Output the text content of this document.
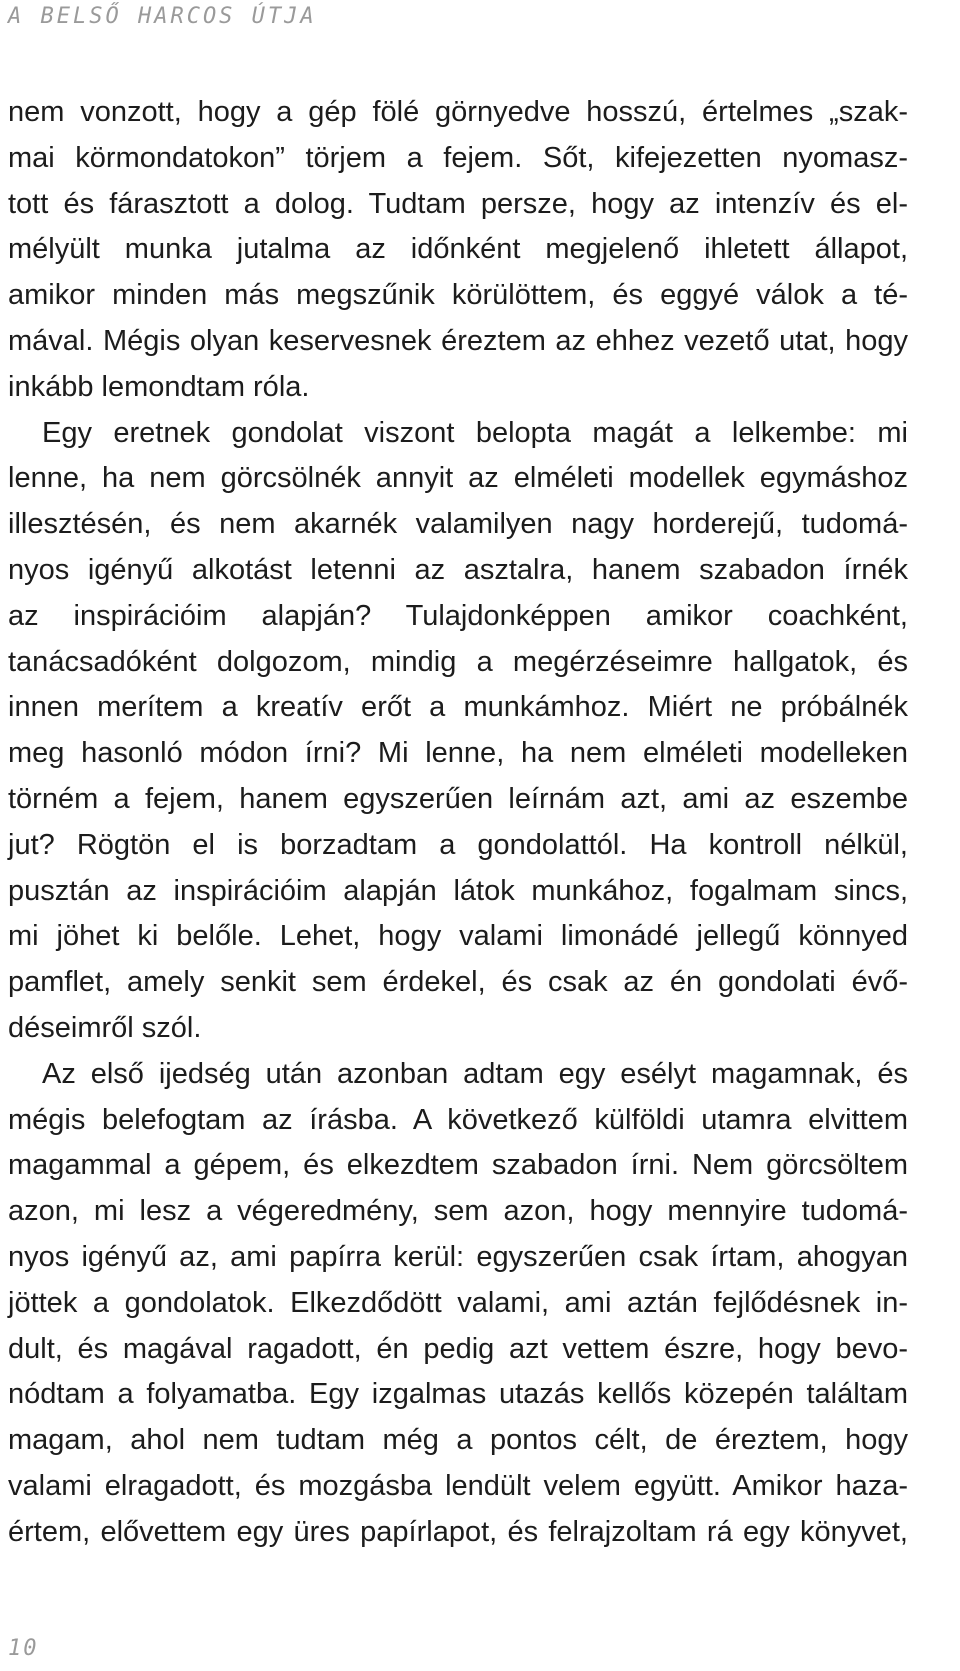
A BELSŐ HARCOS ÚTJA
nem vonzott, hogy a gép fölé görnyedve hosszú, értelmes „szak-
mai körmondatokon” törjem a fejem. Sőt, kifejezetten nyomasz-
tott és fárasztott a dolog. Tudtam persze, hogy az intenzív és el-
mélyült munka jutalma az időnként megjelenő ihletett állapot,
amikor minden más megszűnik körülöttem, és eggyé válok a té-
mával. Mégis olyan keservesnek éreztem az ehhez vezető utat, hogy
inkább lemondtam róla.
Egy eretnek gondolat viszont belopta magát a lelkembe: mi
lenne, ha nem görcsölnék annyit az elméleti modellek egymáshoz
illesztésén, és nem akarnék valamilyen nagy horderejű, tudomá-
nyos igényű alkotást letenni az asztalra, hanem szabadon írnék
az inspirációim alapján? Tulajdonképpen amikor coachként,
tanácsadóként dolgozom, mindig a megérzéseimre hallgatok, és
innen merítem a kreatív erőt a munkámhoz. Miért ne próbálnék
meg hasonló módon írni? Mi lenne, ha nem elméleti modelleken
törném a fejem, hanem egyszerűen leírnám azt, ami az eszembe
jut? Rögtön el is borzadtam a gondolattól. Ha kontroll nélkül,
pusztán az inspirációim alapján látok munkához, fogalmam sincs,
mi jöhet ki belőle. Lehet, hogy valami limonádé jellegű könnyed
pamflet, amely senkit sem érdekel, és csak az én gondolati évő-
déseimről szól.
Az első ijedség után azonban adtam egy esélyt magamnak, és
mégis belefogtam az írásba. A következő külföldi utamra elvittem
magammal a gépem, és elkezdtem szabadon írni. Nem görcsöltem
azon, mi lesz a végeredmény, sem azon, hogy mennyire tudomá-
nyos igényű az, ami papírra kerül: egyszerűen csak írtam, ahogyan
jöttek a gondolatok. Elkezdődött valami, ami aztán fejlődésnek in-
dult, és magával ragadott, én pedig azt vettem észre, hogy bevo-
nódtam a folyamatba. Egy izgalmas utazás kellős közepén találtam
magam, ahol nem tudtam még a pontos célt, de éreztem, hogy
valami elragadott, és mozgásba lendült velem együtt. Amikor haza-
értem, elővettem egy üres papírlapot, és felrajzoltam rá egy könyvet,
10
